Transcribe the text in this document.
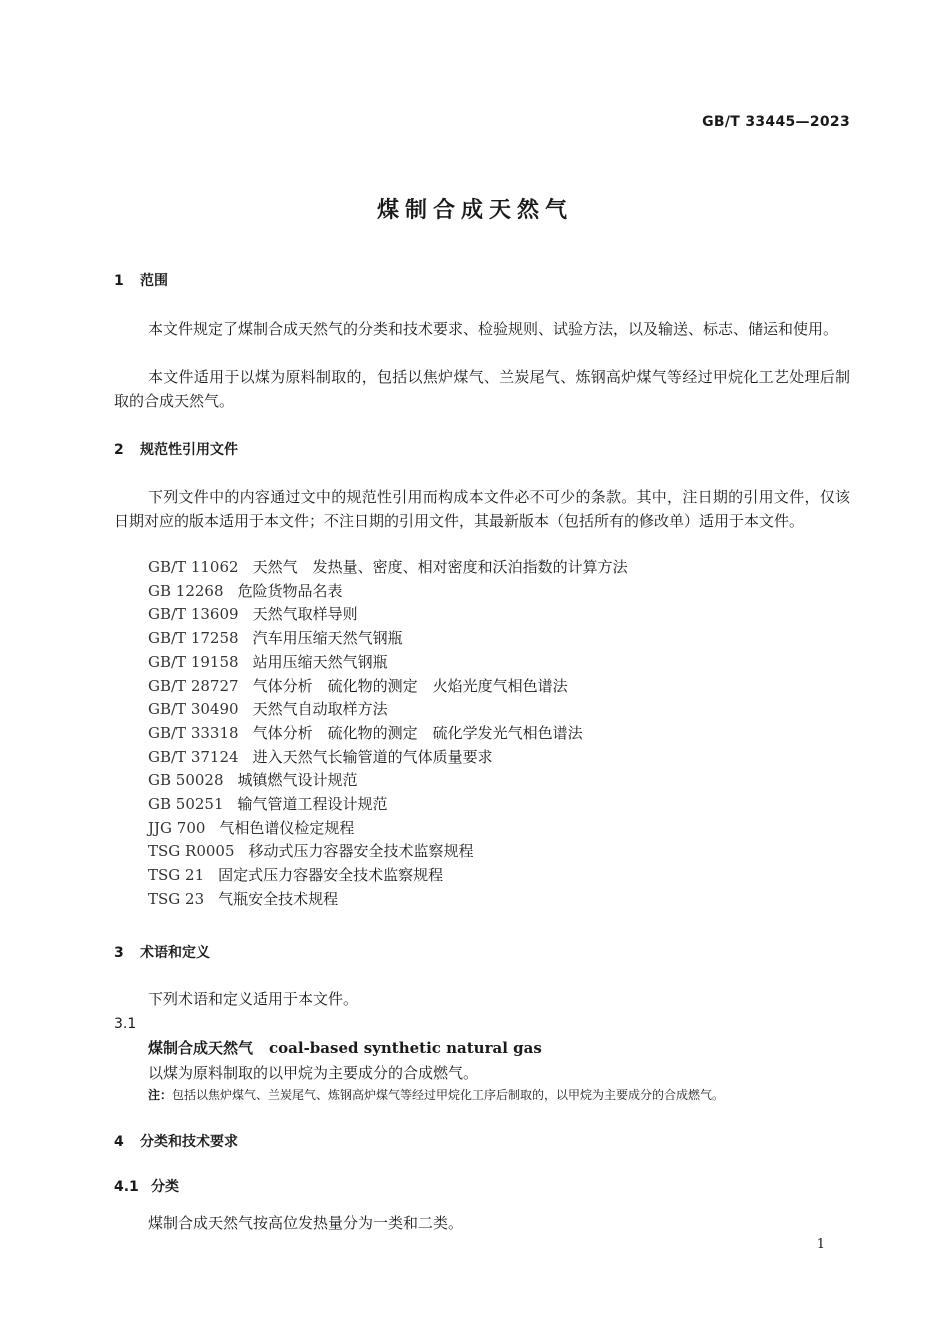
GB/T 33445—2023
煤制合成天然气
1 范围
本文件规定了煤制合成天然气的分类和技术要求、检验规则、试验方法，以及输送、标志、储运和使用。
本文件适用于以煤为原料制取的，包括以焦炉煤气、兰炭尾气、炼钢高炉煤气等经过甲烷化工艺处理后制取的合成天然气。
2 规范性引用文件
下列文件中的内容通过文中的规范性引用而构成本文件必不可少的条款。其中，注日期的引用文件，仅该日期对应的版本适用于本文件；不注日期的引用文件，其最新版本（包括所有的修改单）适用于本文件。
GB/T 11062 天然气　发热量、密度、相对密度和沃泊指数的计算方法
GB 12268 危险货物品名表
GB/T 13609 天然气取样导则
GB/T 17258 汽车用压缩天然气钢瓶
GB/T 19158 站用压缩天然气钢瓶
GB/T 28727 气体分析　硫化物的测定　火焰光度气相色谱法
GB/T 30490 天然气自动取样方法
GB/T 33318 气体分析　硫化物的测定　硫化学发光气相色谱法
GB/T 37124 进入天然气长输管道的气体质量要求
GB 50028 城镇燃气设计规范
GB 50251 输气管道工程设计规范
JJG 700 气相色谱仪检定规程
TSG R0005 移动式压力容器安全技术监察规程
TSG 21 固定式压力容器安全技术监察规程
TSG 23 气瓶安全技术规程
3 术语和定义
下列术语和定义适用于本文件。
3.1
煤制合成天然气 coal-based synthetic natural gas
以煤为原料制取的以甲烷为主要成分的合成燃气。
注：包括以焦炉煤气、兰炭尾气、炼钢高炉煤气等经过甲烷化工序后制取的，以甲烷为主要成分的合成燃气。
4 分类和技术要求
4.1 分类
煤制合成天然气按高位发热量分为一类和二类。
1
